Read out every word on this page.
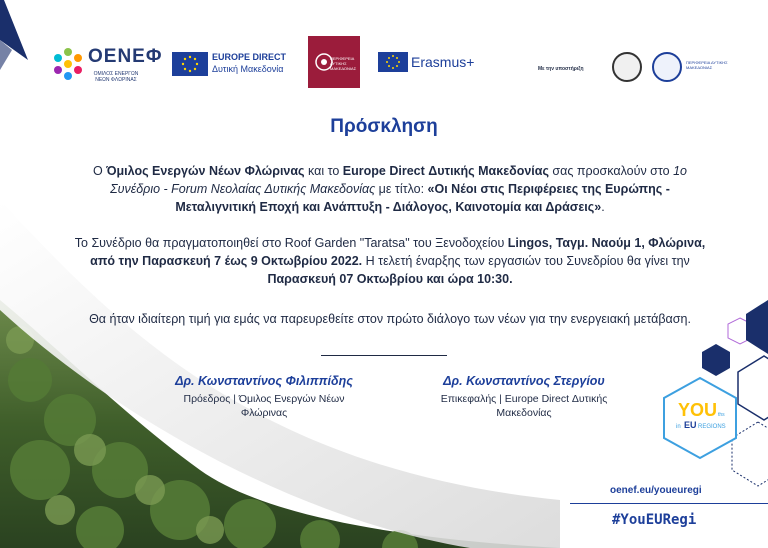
ΟΕΝΕΦ
ΟΜΙΛΟΣ ΕΝΕΡΓΩΝ ΝΕΩΝ ΦΛΩΡΙΝΑΣ
EUROPE DIRECT
Δυτική Μακεδονία
ΠΕΡΙΦΕΡΕΙΑ ΔΥΤΙΚΗΣ ΜΑΚΕΔΟΝΙΑΣ	Erasmus+	Με την υποστήριξη
ΠΕΡΙΦΕΡΕΙΑ ΔΥΤΙΚΗΣ ΜΑΚΕΔΟΝΙΑΣ
Πρόσκληση
Ο Όμιλος Ενεργών Νέων Φλώρινας και το Europe Direct Δυτικής Μακεδονίας σας προσκαλούν στο 1ο Συνέδριο - Forum Νεολαίας Δυτικής Μακεδονίας με τίτλο: «Οι Νέοι στις Περιφέρειες της Ευρώπης - Μεταλιγνιτική Εποχή και Ανάπτυξη - Διάλογος, Καινοτομία και Δράσεις».
Το Συνέδριο θα πραγματοποιηθεί στο Roof Garden "Taratsa" του Ξενοδοχείου Lingos, Ταγμ. Ναούμ 1, Φλώρινα, από την Παρασκευή 7 έως 9 Οκτωβρίου 2022. Η τελετή έναρξης των εργασιών του Συνεδρίου θα γίνει την Παρασκευή 07 Οκτωβρίου και ώρα 10:30.
Θα ήταν ιδιαίτερη τιμή για εμάς να παρευρεθείτε στον πρώτο διάλογο των νέων για την ενεργειακή μετάβαση.
Δρ. Κωνσταντίνος Φιλιππίδης
Πρόεδρος | Όμιλος Ενεργών Νέων Φλώρινας
Δρ. Κωνσταντίνος Στεργίου
Επικεφαλής | Europe Direct Δυτικής Μακεδονίας	YOU ths
in EU REGIONS
oenef.eu/youeuregi
#YouEURegi
